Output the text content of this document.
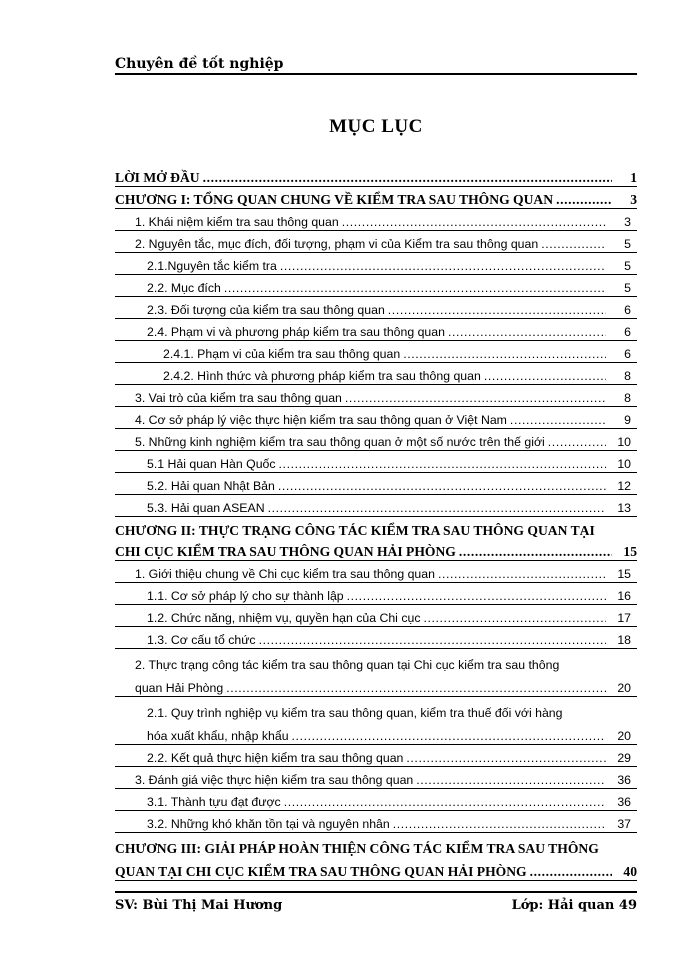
Chuyên đề tốt nghiệp
MỤC LỤC
LỜI MỞ ĐẦU .....	1
CHƯƠNG I: TỔNG QUAN CHUNG VỀ KIỂM TRA SAU THÔNG QUAN .....	3
1. Khái niệm kiểm tra sau thông quan .....	3
2. Nguyên tắc, mục đích, đối tượng, phạm vi của Kiểm tra sau thông quan .....	5
2.1.Nguyên tắc kiểm tra .....	5
2.2. Mục đích .....	5
2.3. Đối tượng của kiểm tra sau thông quan .....	6
2.4. Phạm vi và phương pháp kiểm tra sau thông quan .....	6
2.4.1. Phạm vi của kiểm tra sau thông quan .....	6
2.4.2. Hình thức và phương pháp kiểm tra sau thông quan .....	8
3. Vai trò của kiểm tra sau thông quan .....	8
4. Cơ sở pháp lý việc thực hiện kiểm tra sau thông quan ở Việt Nam .....	9
5. Những kinh nghiệm kiểm tra sau thông quan ở một số nước trên thế giới .....	10
5.1 Hải quan Hàn Quốc .....	10
5.2. Hải quan Nhật Bản .....	12
5.3. Hải quan ASEAN .....	13
CHƯƠNG II: THỰC TRẠNG CÔNG TÁC KIỂM TRA SAU THÔNG QUAN TẠI
CHI CỤC KIỂM TRA SAU THÔNG QUAN HẢI PHÒNG .....	15
1. Giới thiệu chung về Chi cục kiểm tra sau thông quan .....	15
1.1. Cơ sở pháp lý cho sự thành lập .....	16
1.2. Chức năng, nhiệm vụ, quyền hạn của Chi cục .....	17
1.3. Cơ cấu tổ chức .....	18
2. Thực trạng công tác kiểm tra sau thông quan tại Chi cục kiểm tra sau thông
quan Hải Phòng .....	20
2.1. Quy trình nghiệp vụ kiểm tra sau thông quan, kiểm tra thuế đối với hàng
hóa xuất khẩu, nhập khẩu .....	20
2.2. Kết quả thực hiện kiểm tra sau thông quan .....	29
3. Đánh giá việc thực hiện kiểm tra sau thông quan .....	36
3.1. Thành tựu đạt được .....	36
3.2. Những khó khăn tồn tại và nguyên nhân .....	37
CHƯƠNG III: GIẢI PHÁP HOÀN THIỆN CÔNG TÁC KIỂM TRA SAU THÔNG
QUAN TẠI CHI CỤC KIỂM TRA SAU THÔNG QUAN HẢI PHÒNG .....	40
SV: Bùi Thị Mai Hương	Lớp: Hải quan 49
